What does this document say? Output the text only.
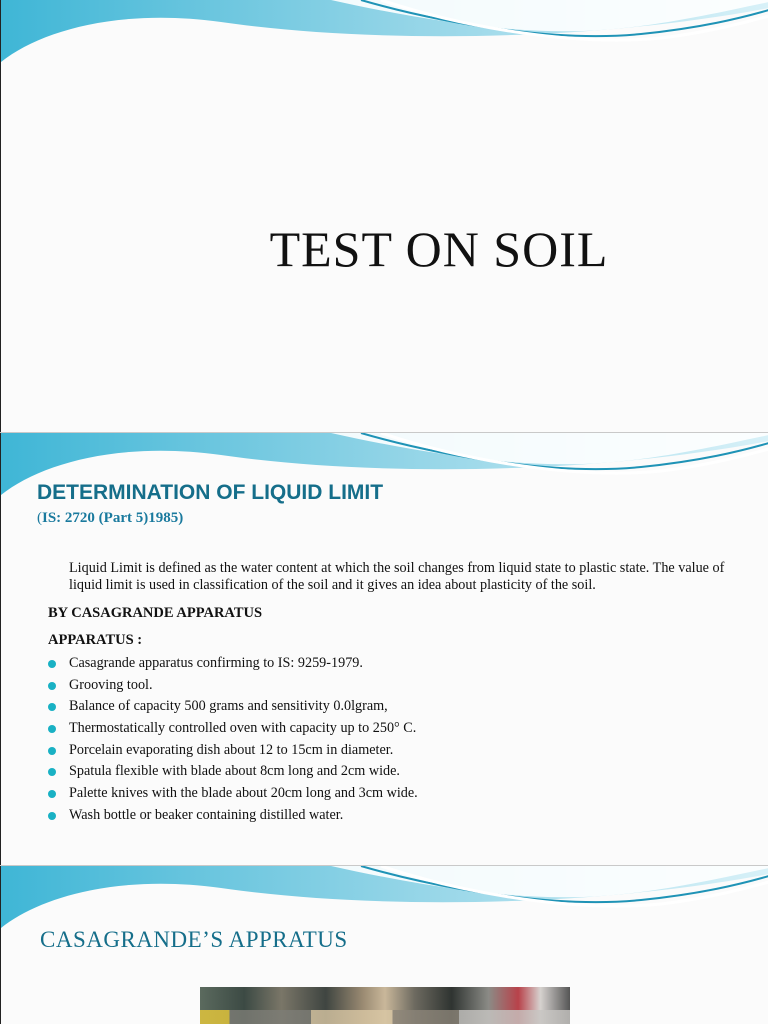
TEST ON SOIL
DETERMINATION OF LIQUID LIMIT
(IS: 2720 (Part 5)1985)
Liquid Limit is defined as the water content at which the soil changes from liquid state to plastic state. The value of liquid limit is used in classification of the soil and it gives an idea about plasticity of the soil.
BY CASAGRANDE APPARATUS
APPARATUS :
Casagrande apparatus confirming to IS: 9259-1979.
Grooving tool.
Balance of capacity 500 grams and sensitivity 0.0lgram,
Thermostatically controlled oven with capacity up to 250° C.
Porcelain evaporating dish about 12 to 15cm in diameter.
Spatula flexible with blade about 8cm long and 2cm wide.
Palette knives with the blade about 20cm long and 3cm wide.
Wash bottle or beaker containing distilled water.
CASAGRANDE’S APPRATUS
